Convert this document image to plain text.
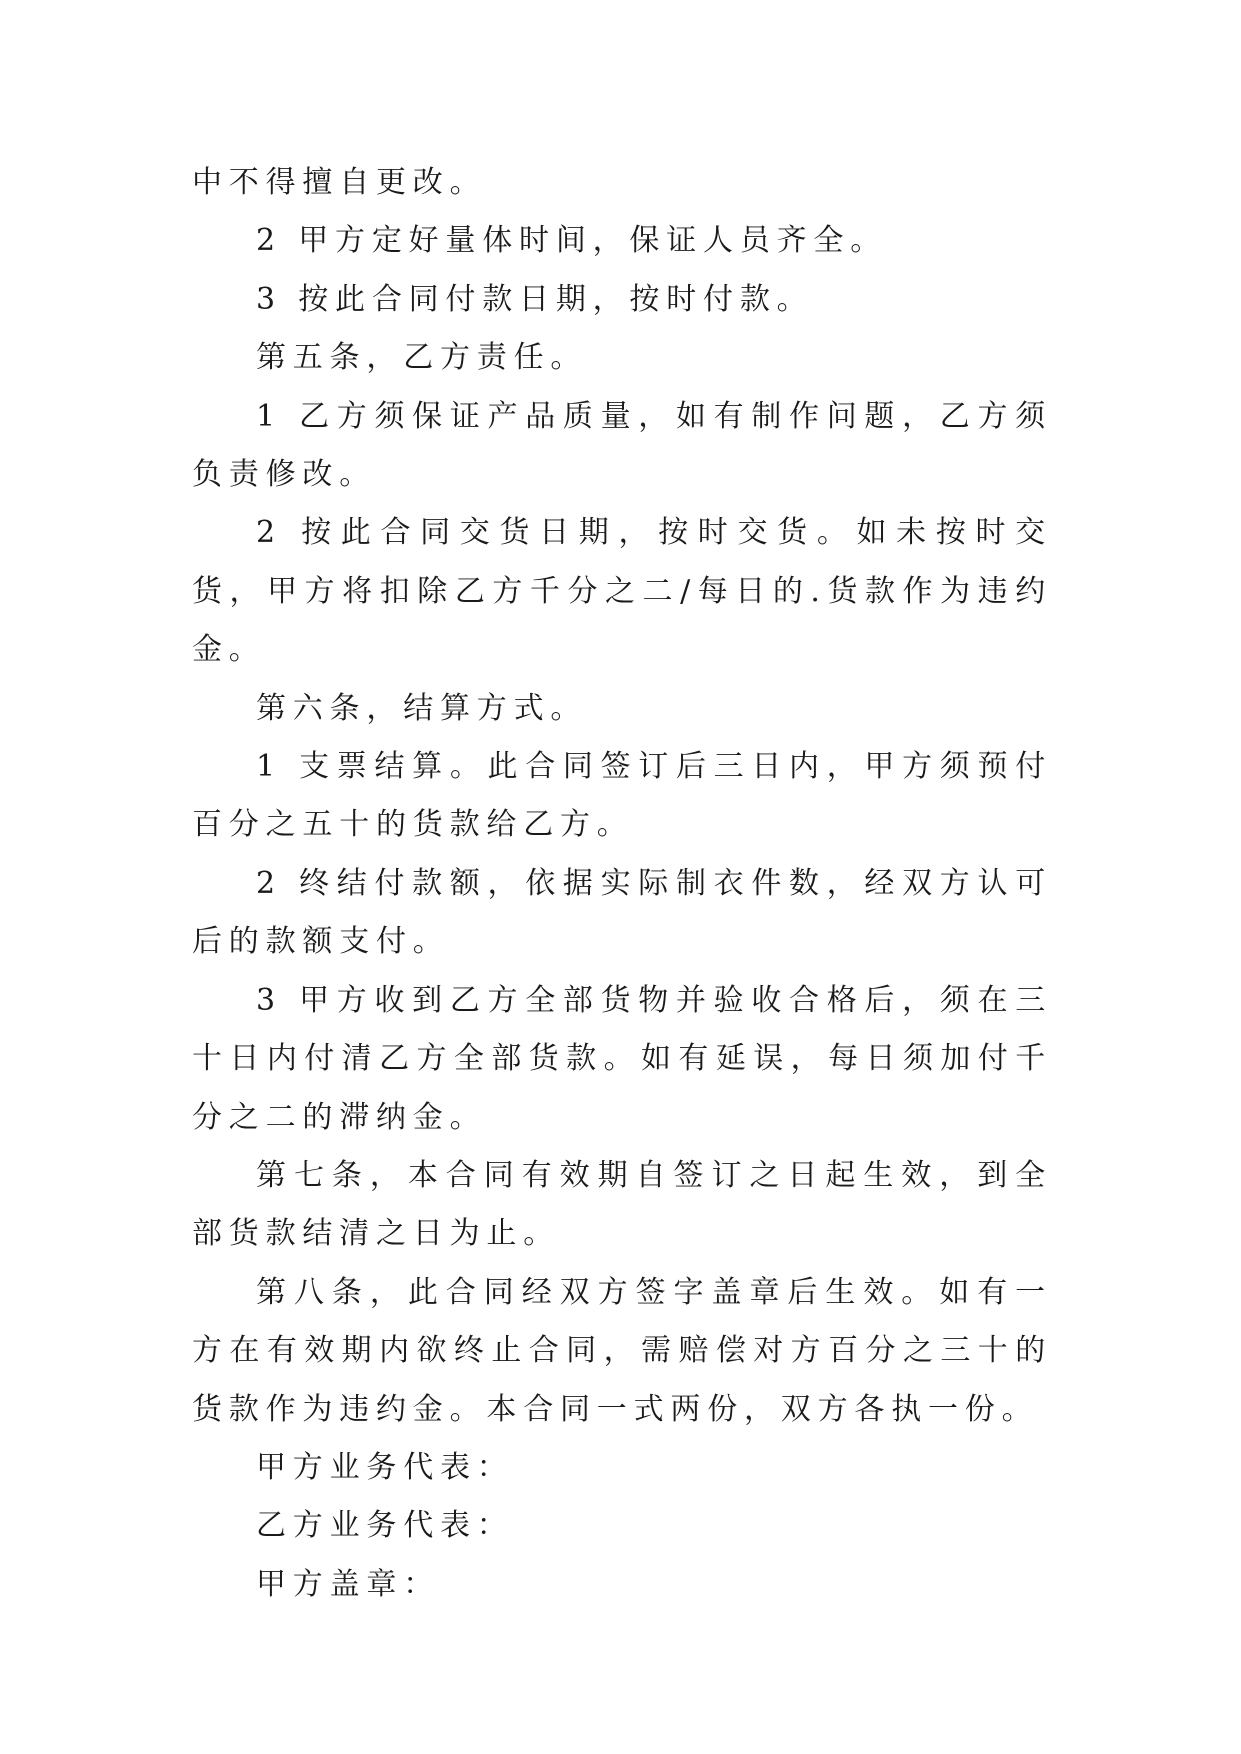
中不得擅自更改。

2 甲方定好量体时间，保证人员齐全。

3 按此合同付款日期，按时付款。

第五条，乙方责任。

1 乙方须保证产品质量，如有制作问题，乙方须负责修改。

2 按此合同交货日期，按时交货。如未按时交货，甲方将扣除乙方千分之二/每日的.货款作为违约金。

第六条，结算方式。

1 支票结算。此合同签订后三日内，甲方须预付百分之五十的货款给乙方。

2 终结付款额，依据实际制衣件数，经双方认可后的款额支付。

3 甲方收到乙方全部货物并验收合格后，须在三十日内付清乙方全部货款。如有延误，每日须加付千分之二的滞纳金。

第七条，本合同有效期自签订之日起生效，到全部货款结清之日为止。

第八条，此合同经双方签字盖章后生效。如有一方在有效期内欲终止合同，需赔偿对方百分之三十的货款作为违约金。本合同一式两份，双方各执一份。

甲方业务代表：

乙方业务代表：

甲方盖章：
